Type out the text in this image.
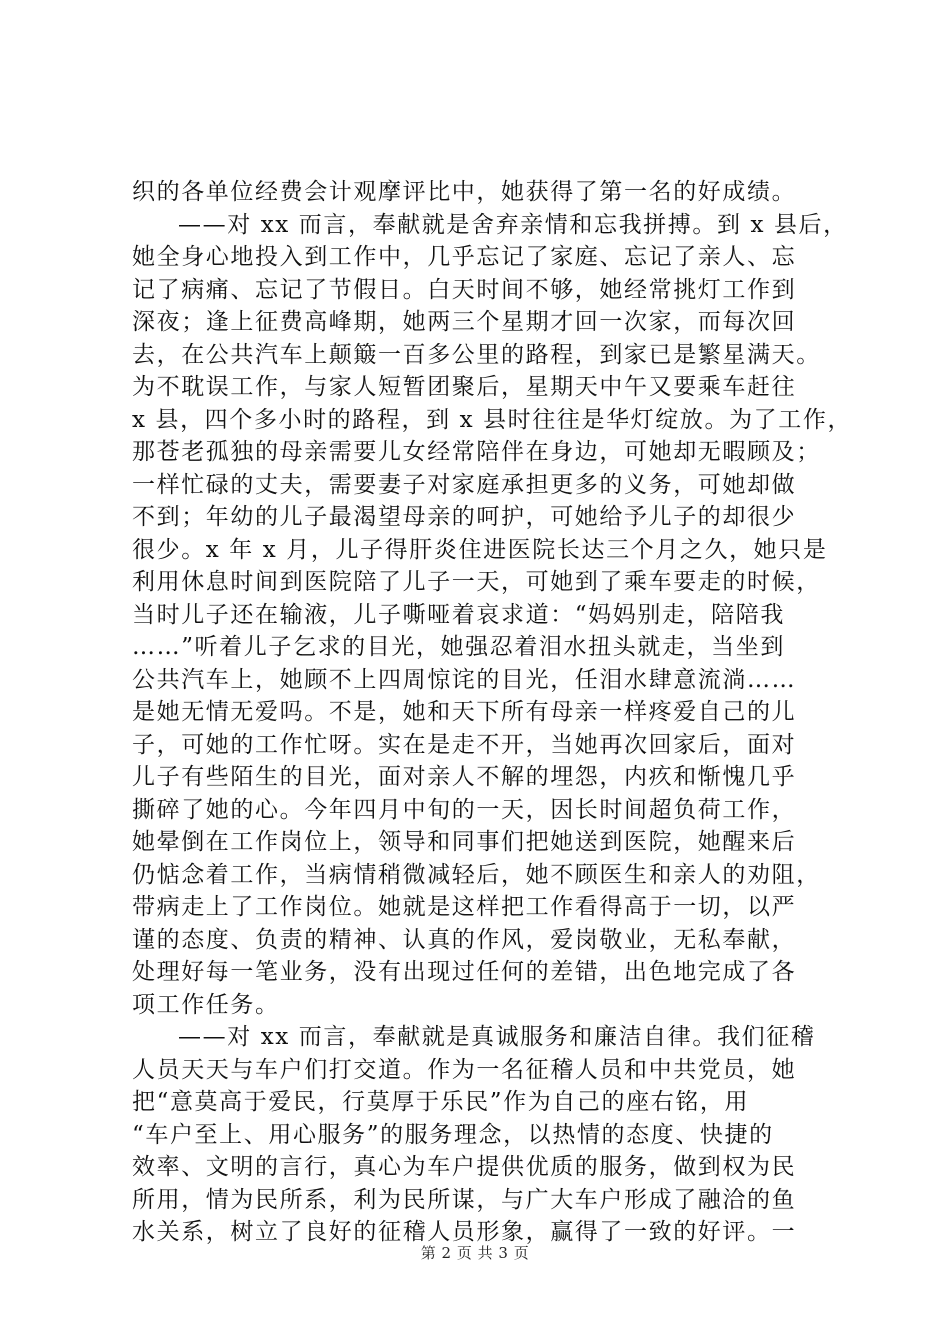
织的各单位经费会计观摩评比中，她获得了第一名的好成绩。
——对 xx 而言，奉献就是舍弃亲情和忘我拼搏。到 x 县后，
她全身心地投入到工作中，几乎忘记了家庭、忘记了亲人、忘
记了病痛、忘记了节假日。白天时间不够，她经常挑灯工作到
深夜；逢上征费高峰期，她两三个星期才回一次家，而每次回
去，在公共汽车上颠簸一百多公里的路程，到家已是繁星满天。
为不耽误工作，与家人短暂团聚后，星期天中午又要乘车赶往
x 县，四个多小时的路程，到 x 县时往往是华灯绽放。为了工作，
那苍老孤独的母亲需要儿女经常陪伴在身边，可她却无暇顾及；
一样忙碌的丈夫，需要妻子对家庭承担更多的义务，可她却做
不到；年幼的儿子最渴望母亲的呵护，可她给予儿子的却很少
很少。x 年 x 月，儿子得肝炎住进医院长达三个月之久，她只是
利用休息时间到医院陪了儿子一天，可她到了乘车要走的时候，
当时儿子还在输液，儿子嘶哑着哀求道：“妈妈别走，陪陪我
……”听着儿子乞求的目光，她强忍着泪水扭头就走，当坐到
公共汽车上，她顾不上四周惊诧的目光，任泪水肆意流淌……
是她无情无爱吗。不是，她和天下所有母亲一样疼爱自己的儿
子，可她的工作忙呀。实在是走不开，当她再次回家后，面对
儿子有些陌生的目光，面对亲人不解的埋怨，内疚和惭愧几乎
撕碎了她的心。今年四月中旬的一天，因长时间超负荷工作，
她晕倒在工作岗位上，领导和同事们把她送到医院，她醒来后
仍惦念着工作，当病情稍微减轻后，她不顾医生和亲人的劝阻，
带病走上了工作岗位。她就是这样把工作看得高于一切，以严
谨的态度、负责的精神、认真的作风，爱岗敬业，无私奉献，
处理好每一笔业务，没有出现过任何的差错，出色地完成了各
项工作任务。
——对 xx 而言，奉献就是真诚服务和廉洁自律。我们征稽
人员天天与车户们打交道。作为一名征稽人员和中共党员，她
把“意莫高于爱民，行莫厚于乐民”作为自己的座右铭，用
“车户至上、用心服务”的服务理念，以热情的态度、快捷的
效率、文明的言行，真心为车户提供优质的服务，做到权为民
所用，情为民所系，利为民所谋，与广大车户形成了融洽的鱼
水关系，树立了良好的征稽人员形象，赢得了一致的好评。一
第 2 页 共 3 页
